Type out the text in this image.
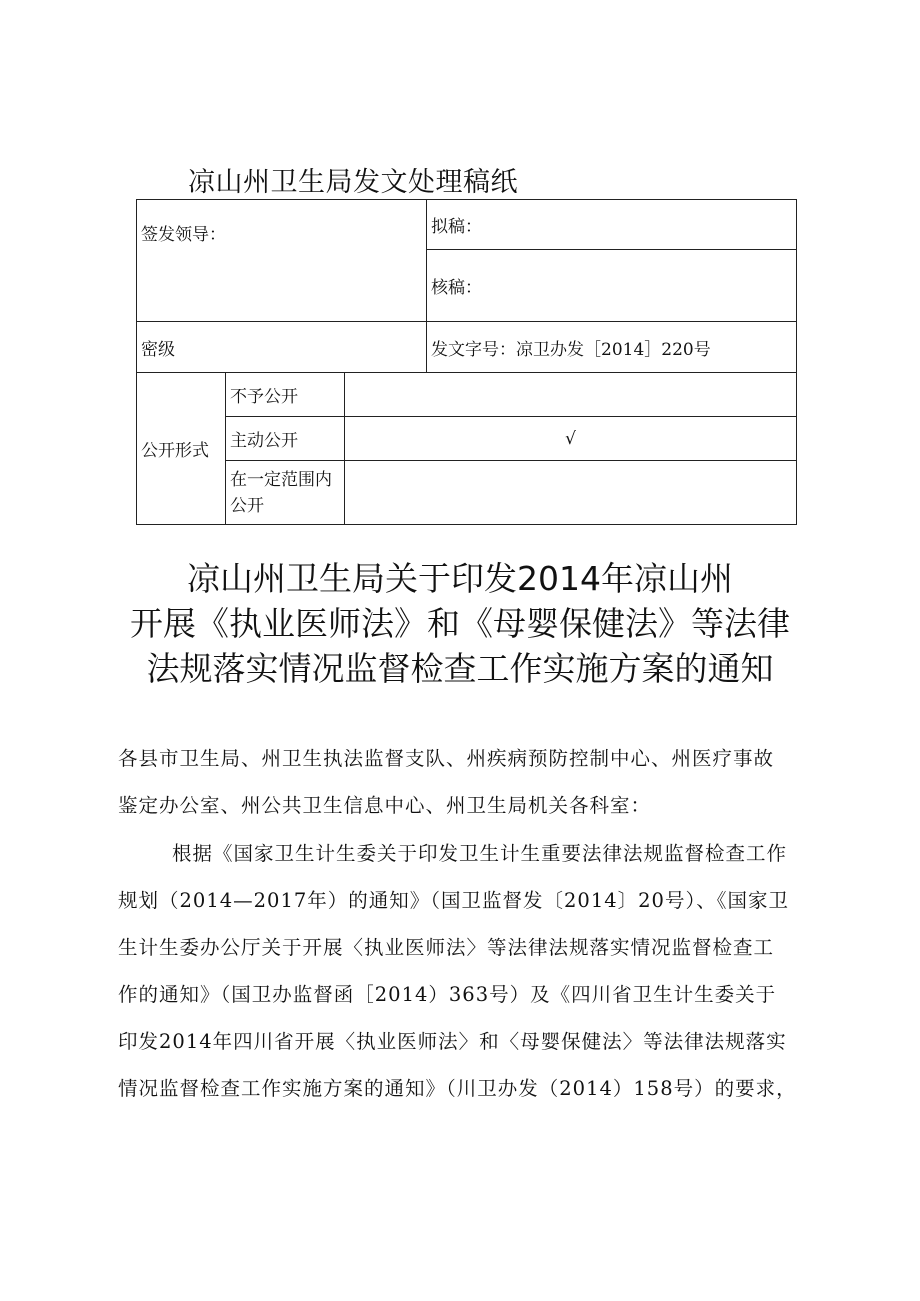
凉山州卫生局发文处理稿纸
签发领导：			拟稿：
			核稿：
密级			发文字号：凉卫办发［2014］220号
公开形式	不予公开		
	主动公开	√	

	在一定范围内
公开		

凉山州卫生局关于印发2014年凉山州
开展《执业医师法》和《母婴保健法》等法律
法规落实情况监督检查工作实施方案的通知
各县市卫生局、州卫生执法监督支队、州疾病预防控制中心、州医疗事故
鉴定办公室、州公共卫生信息中心、州卫生局机关各科室：
根据《国家卫生计生委关于印发卫生计生重要法律法规监督检查工作
规划（2014—2017年）的通知》（国卫监督发〔2014〕20号）、《国家卫
生计生委办公厅关于开展〈执业医师法〉等法律法规落实情况监督检查工
作的通知》（国卫办监督函［2014）363号）及《四川省卫生计生委关于
印发2014年四川省开展〈执业医师法〉和〈母婴保健法〉等法律法规落实
情况监督检查工作实施方案的通知》（川卫办发（2014）158号）的要求，
